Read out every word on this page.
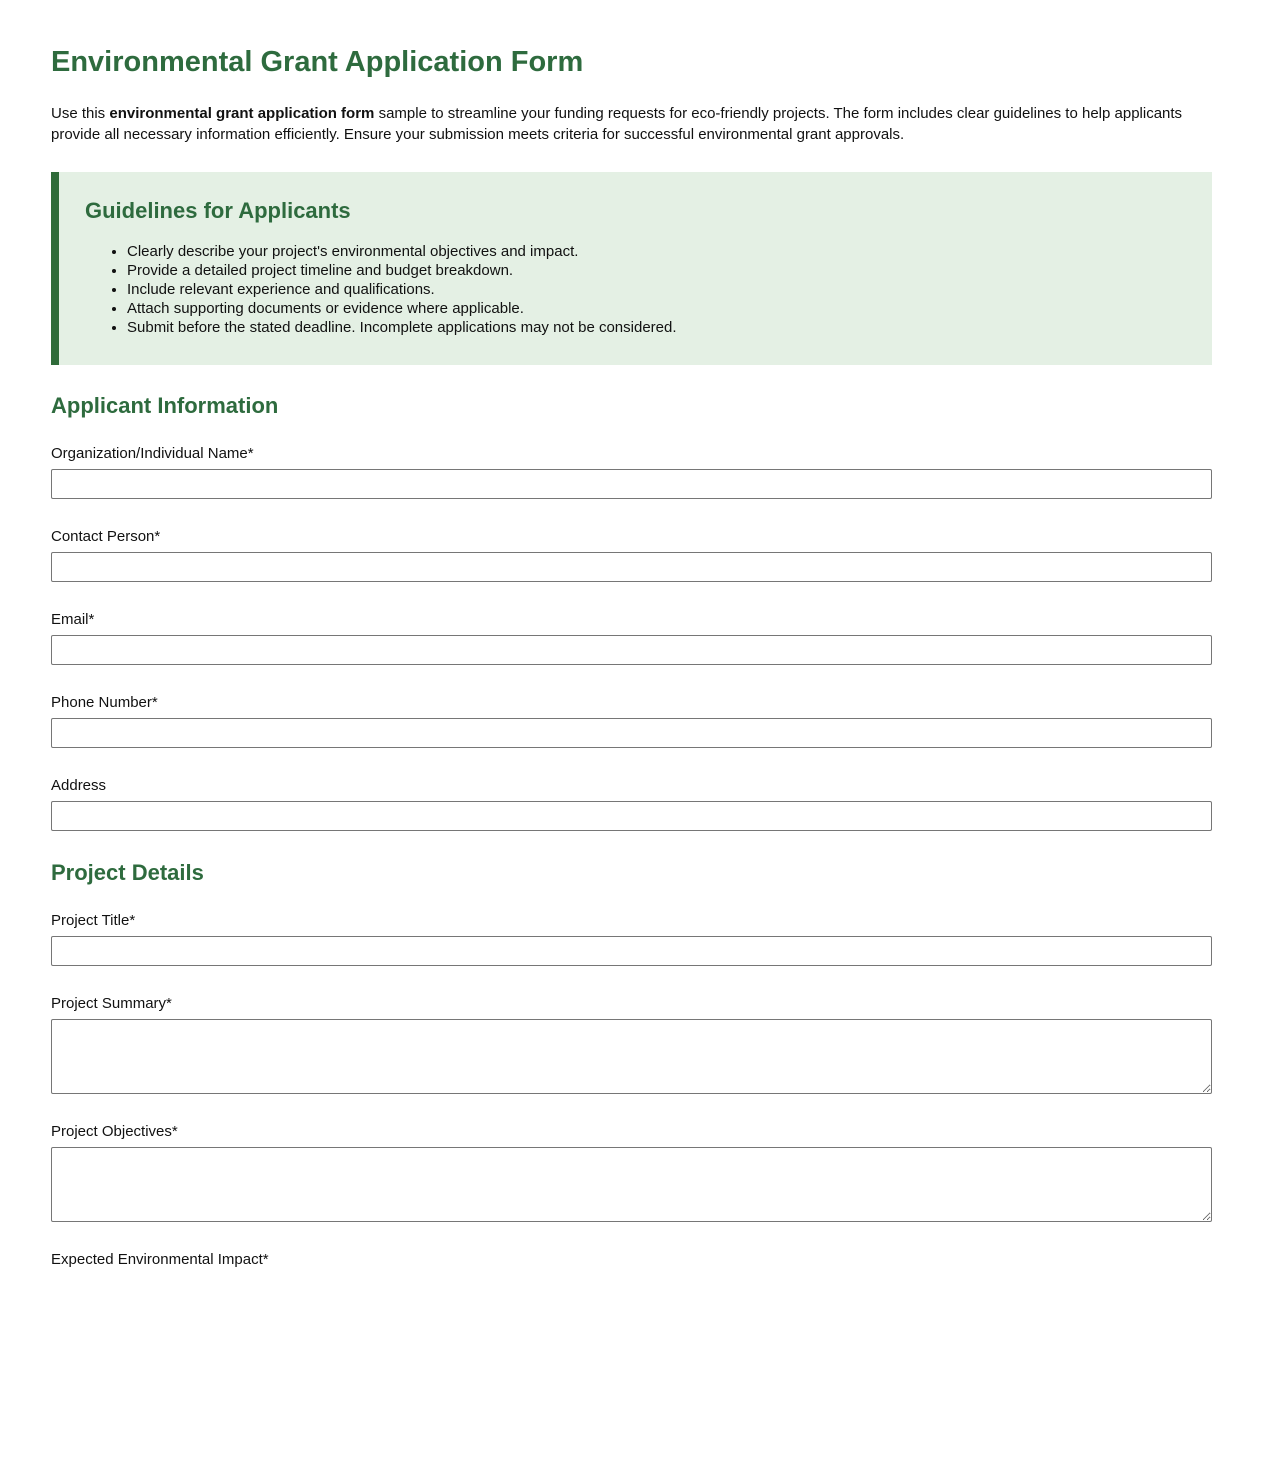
Environmental Grant Application Form

Use this environmental grant application form sample to streamline your funding requests for eco-friendly projects. The form includes clear guidelines to help applicants provide all necessary information efficiently. Ensure your submission meets criteria for successful environmental grant approvals.

Guidelines for Applicants
• Clearly describe your project's environmental objectives and impact.
• Provide a detailed project timeline and budget breakdown.
• Include relevant experience and qualifications.
• Attach supporting documents or evidence where applicable.
• Submit before the stated deadline. Incomplete applications may not be considered.
Applicant Information
Organization/Individual Name*
Contact Person*
Email*
Phone Number*
Address
Project Details
Project Title*
Project Summary*
Project Objectives*

Expected Environmental Impact*
